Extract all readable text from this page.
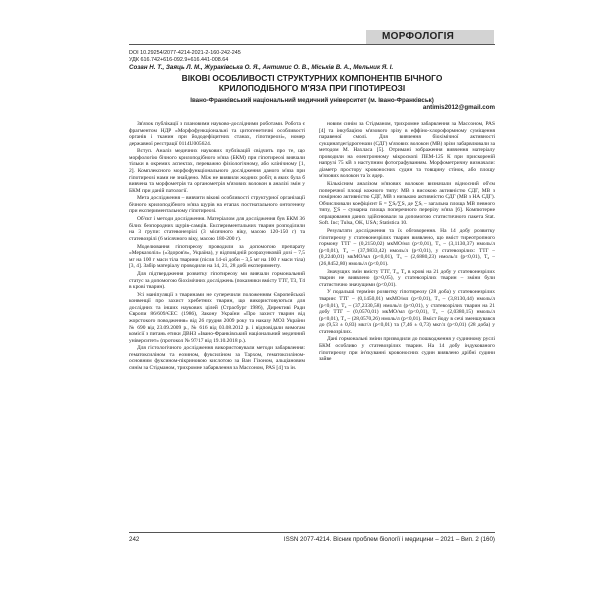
МОРФОЛОГІЯ
DOI 10.29254/2077-4214-2021-2-160-242-245
УДК 616.742+616-092.9+616.441-008.64
Созан Н. Т., Заяць Л. М., Журакі́вська О. Я., Антимис О. В., Міськів В. А., Мельник Я. І.
ВІКОВІ ОСОБЛИВОСТІ СТРУКТУРНИХ КОМПОНЕНТІВ БІЧНОГО
КРИЛОПОДІБНОГО М'ЯЗА ПРИ ГІПОТИРЕОЗІ
Івано-Франківський національний медичний університет (м. Івано-Франківськ)
antimis2012@gmail.com

Зв'язок публікації з плановими науково-дослідними роботами. Робота є фрагментом НДР «Морфофункціональні та цитогенетичні особливості органів і тканин при йододефіцитних станах, гіпотиреозі», номер державної реєстрації 0114U005624.

Вступ. Аналіз медичних наукових публікацій свідчить про те, що морфологію бічного крилоподібного м'яза (БКМ) при гіпотиреозі вивчали тільки в окремих аспектах, переважно фізіологічному, або клінічному [1, 2]. Комплексного морфофункціонального дослідження даного м'яза при гіпотиреозі нами не знайдено. Між не виявили жодних робіт, в яких була б вивчена та морфометрія та органометрія м'язових волокон в аналізі змін у БКМ при даній патології.

Мета дослідження – вивчити вікові особливості структурної організації бічного крилоподібного м'яза щурів на етапах постнатального онтогенезу при експериментальному гіпотиреозі.

Об'єкт і методи дослідження. Матеріалом для дослідження був БКМ 36 білих безпородних щурів-самців. Експериментальних тварин розподілили на 3 групи: статевонезрілі (3 місячного віку, масою 120-150 г) та статевозрілі (6 місячного віку, масою 180-200 г).

Моделювання гіпотиреозу проводили за допомогою препарату «Мерказоліл» («Здоров'я», Україна), у відповідній розрахунковій дозі – 7,5 мг на 100 г маси тіла тварини (після 14-ої доби – 3,5 мг на 100 г маси тіла) [3, 4]. Забір матеріалу проводили на 14, 21, 28 добі експерименту.

Для підтвердження розвитку гіпотиреозу ми вивчали гормональний статус за допомогою біохімічних досліджень (показники вмісту ТТГ, Т3, Т4 в крові тварин).

Усі маніпуляції з тваринами не суперечили положенням Європейської конвенції про захист хребетних тварин, що використовуються для дослідних та інших наукових цілей (Страсбург 1986), Директиві Ради Європи 86/609/ЄЕС (1986), Закону України «Про захист тварин від жорстокого поводження» від 26 грудня 2009 року та наказу МОЗ України № 690 від 23.09.2009 р., № 616 від 03.08.2012 р. і відповідали вимогам комісії з питань етики ДВНЗ «Івано-Франківський національний медичний університет» (протокол № 97/17 від 19.10.2018 р.).

Для гістологічного дослідження використовували методи забарвлення: гематоксиліном та еозином, фуксиліном за Тархом, гематоксиліном-основним фуксином-пікриновою кислотою за Ван Гізоном, альціановим синім за Стідманом, трихромне забарвлення за Массоном, PAS [4] та ін.

новим синім за Стідманом, трихромне забарвлення за Массоном, PAS [4] та інкубацією м'язового зрізу в еффіно-хлороформному суміщення паравеної смолі. Для вивчення біохімічної активності сукцинатдегідрогенази (СДГ) м'язових волокон (МВ) зрізи забарвлювали за методом М. Нахласа [5]. Отримані зображення вивчення матеріалу проводили на електронному мікроскопі ПЕМ-125 К при прискореній напрузі 75 кВ з наступним фотографуванням. Морфометричну визначали: діаметр простору кровоносних судин та товщину стінок, або площу м'язових волокон та їх ядер.

Кількісним аналізом м'язових волокон визначали відносний об'єм поперечної площі кожного типу: МВ з високою активністю СДГ, МВ з помірною активністю СДГ, МВ з низькою активністю СДГ (МВ з НА СДГ). Обчислювали коефіцієнт Б = ∑Sᵢ/∑S, де ∑Sᵢ – загальна площа МВ певного типу, ∑S – сумарна площа поперечного перерізу м'яза [6]. Компютерне опрацювання даних здійснювали за допомогою статистичного пакета Stat. Soft. Inc; Tulsa, OK, USA; Statistica 10.

Результати дослідження та їх обговорення. На 14 добу розвитку гіпотиреозу у статевонезрілих тварин виявлено, що вміст тиреотропного гормону ТТГ – (0,2150,02) мкМО/мл (p<0,01), T₃ – (3,1130,37) нмоль/л (p<0,01), T₄ – (37,9833,42) нмоль/л (p<0,01), у статевозрілих: ТТГ – (0,2240,01) мкМО/мл (p<0,01), T₃ – (2,6880,23) нмоль/л (p<0,01), T₄ – (26,8452,80) нмоль/л (p<0,01).

Значущих змін вмісту ТТГ, T₃, T₄ в крові на 21 добу у статевонезрілих тварин не виявлено (p>0,05), у статевозрілих тварин – зміни були статистично значущими (p<0,01).

У подальші терміни розвитку гіпотиреозу (28 доба) у статевонезрілих тварин: ТТГ – (0,1450,01) мкМО/мл (p<0,01), T₃ – (3,8130,44) нмоль/л (p<0,01), T₄ – (37,2330,58) нмоль/л (p<0,01), у статевозрілих тварин на 21 добу ТТГ – (0,0570,01) мкМО/мл (p<0,01), T₃ – (2,0380,15) нмоль/л (p<0,01), T₄ – (28,0570,26) нмоль/л (p<0,01). Вміст йоду в сечі зменшувався до (9,53 ± 0,83) мкг/л (p<0,01) та (7,46 ± 0,73) мкг/л (p<0,01) (28 доба) у статевозрілих.

Дані гормональні зміни призводили до пошкодження у судинному руслі БКМ особливо у статевозрілих тварин. На 14 добу індукованого гіпотиреозу при ін'єкуванні кровоносних судин виявлено дрібні судини зайве

242	ISSN 2077-4214. Вісник проблем біології і медицини – 2021 – Вип. 2 (160)
